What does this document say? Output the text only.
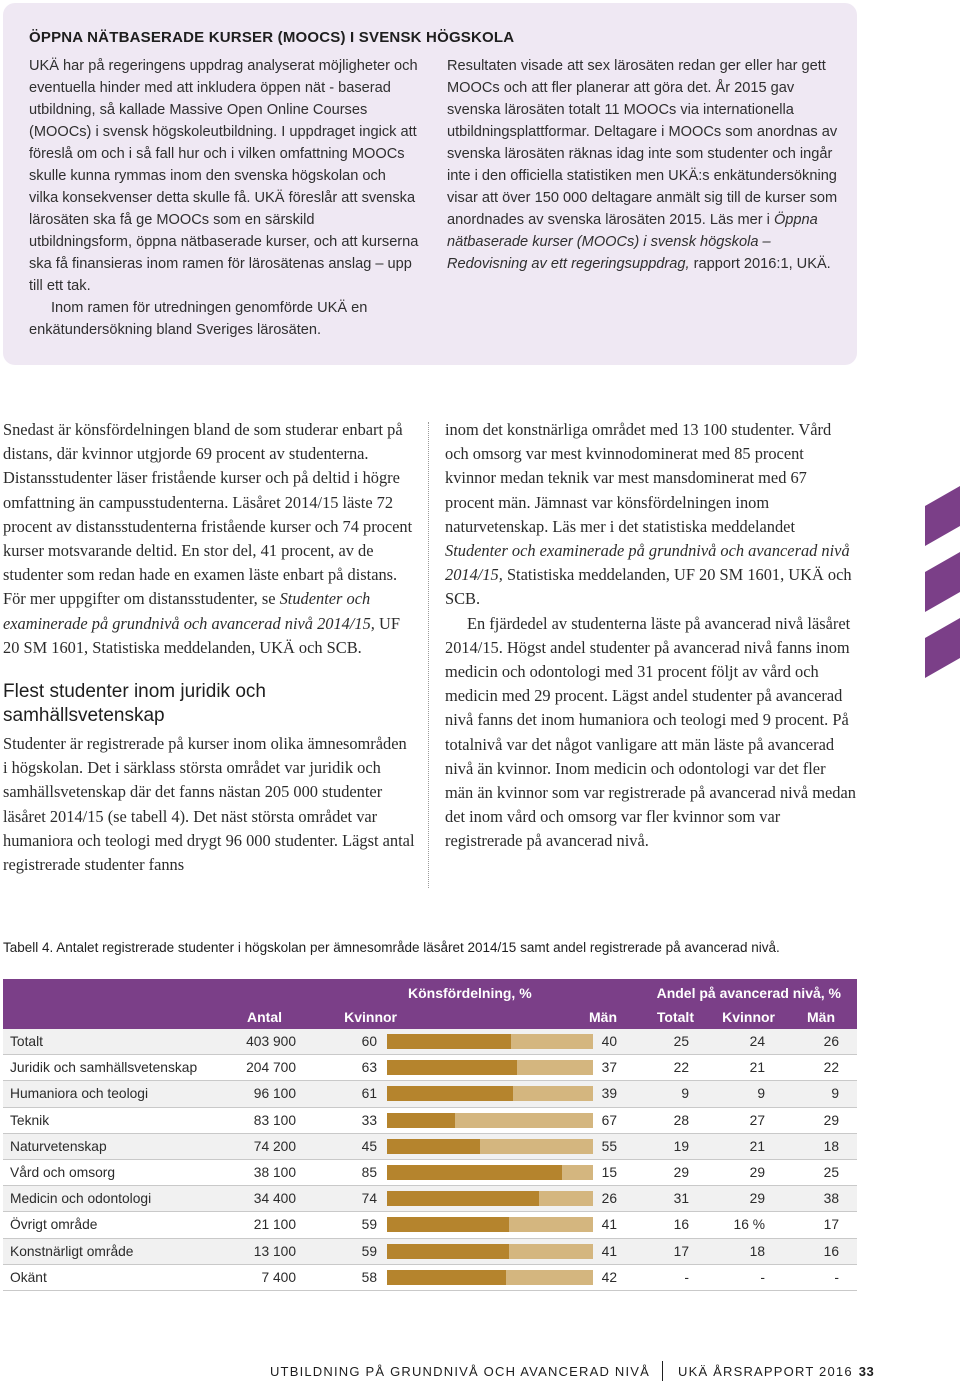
ÖPPNA NÄTBASERADE KURSER (MOOCS) I SVENSK HÖGSKOLA

UKÄ har på regeringens uppdrag analyserat möjligheter och eventuella hinder med att inkludera öppen nät - baserad utbildning, så kallade Massive Open Online Courses (MOOCs) i svensk högskoleutbildning. I uppdraget ingick att föreslå om och i så fall hur och i vilken omfattning MOOCs skulle kunna rymmas inom den svenska högskolan och vilka konsekvenser detta skulle få. UKÄ föreslår att svenska lärosäten ska få ge MOOCs som en särskild utbildningsform, öppna nätbaserade kurser, och att kurserna ska få finansieras inom ramen för lärosätenas anslag – upp till ett tak.

Inom ramen för utredningen genomförde UKÄ en enkätundersökning bland Sveriges lärosäten.

Resultaten visade att sex lärosäten redan ger eller har gett MOOCs och att fler planerar att göra det. År 2015 gav svenska lärosäten totalt 11 MOOCs via internationella utbildningsplattformar. Deltagare i MOOCs som anordnas av svenska lärosäten räknas idag inte som studenter och ingår inte i den officiella statistiken men UKÄ:s enkätundersökning visar att över 150 000 deltagare anmält sig till de kurser som anordnades av svenska lärosäten 2015. Läs mer i Öppna nätbaserade kurser (MOOCs) i svensk högskola – Redovisning av ett regeringsuppdrag, rapport 2016:1, UKÄ.

Snedast är könsfördelningen bland de som studerar enbart på distans, där kvinnor utgjorde 69 procent av studenterna. Distansstudenter läser fristående kurser och på deltid i högre omfattning än campusstudenterna. Läsåret 2014/15 läste 72 procent av distansstudenterna fristående kurser och 74 procent kurser motsvarande deltid. En stor del, 41 procent, av de studenter som redan hade en examen läste enbart på distans. För mer uppgifter om distansstudenter, se Studenter och examinerade på grundnivå och avancerad nivå 2014/15, UF 20 SM 1601, Statistiska meddelanden, UKÄ och SCB.

Flest studenter inom juridik och samhällsvetenskap

Studenter är registrerade på kurser inom olika ämnesområden i högskolan. Det i särklass största området var juridik och samhällsvetenskap där det fanns nästan 205 000 studenter läsåret 2014/15 (se tabell 4). Det näst största området var humaniora och teologi med drygt 96 000 studenter. Lägst antal registrerade studenter fanns

inom det konstnärliga området med 13 100 studenter. Vård och omsorg var mest kvinnodominerat med 85 procent kvinnor medan teknik var mest mansdominerat med 67 procent män. Jämnast var könsfördelningen inom naturvetenskap. Läs mer i det statistiska meddelandet Studenter och examinerade på grundnivå och avancerad nivå 2014/15, Statistiska meddelanden, UF 20 SM 1601, UKÄ och SCB.

En fjärdedel av studenterna läste på avancerad nivå läsåret 2014/15. Högst andel studenter på avancerad nivå fanns inom medicin och odontologi med 31 procent följt av vård och medicin med 29 procent. Lägst andel studenter på avancerad nivå fanns det inom humaniora och teologi med 9 procent. På totalnivå var det något vanligare att män läste på avancerad nivå än kvinnor. Inom medicin och odontologi var det fler män än kvinnor som var registrerade på avancerad nivå medan det inom vård och omsorg var fler kvinnor som var registrerade på avancerad nivå.

Tabell 4. Antalet registrerade studenter i högskolan per ämnesområde läsåret 2014/15 samt andel registrerade på avancerad nivå.

Könsfördelning, %	Andel på avancerad nivå, %
Antal	Kvinnor	Män	Totalt Kvinnor Män
Totalt	403 900	60	40	25	24	26
Juridik och samhällsvetenskap	204 700	63	37	22	21	22
Humaniora och teologi	96 100	61	39	9	9	9
Teknik	83 100	33	67	28	27	29
Naturvetenskap	74 200	45	55	19	21	18
Vård och omsorg	38 100	85	15	29	29	25
Medicin och odontologi	34 400	74	26	31	29	38
Övrigt område	21 100	59	41	16	16 %	17
Konstnärligt område	13 100	59	41	17	18	16
Okänt	7 400	58	42	-	-	-
UTBILDNING PÅ GRUNDNIVÅ OCH AVANCERAD NIVÅ UKÄ ÅRSRAPPORT 2016 33
